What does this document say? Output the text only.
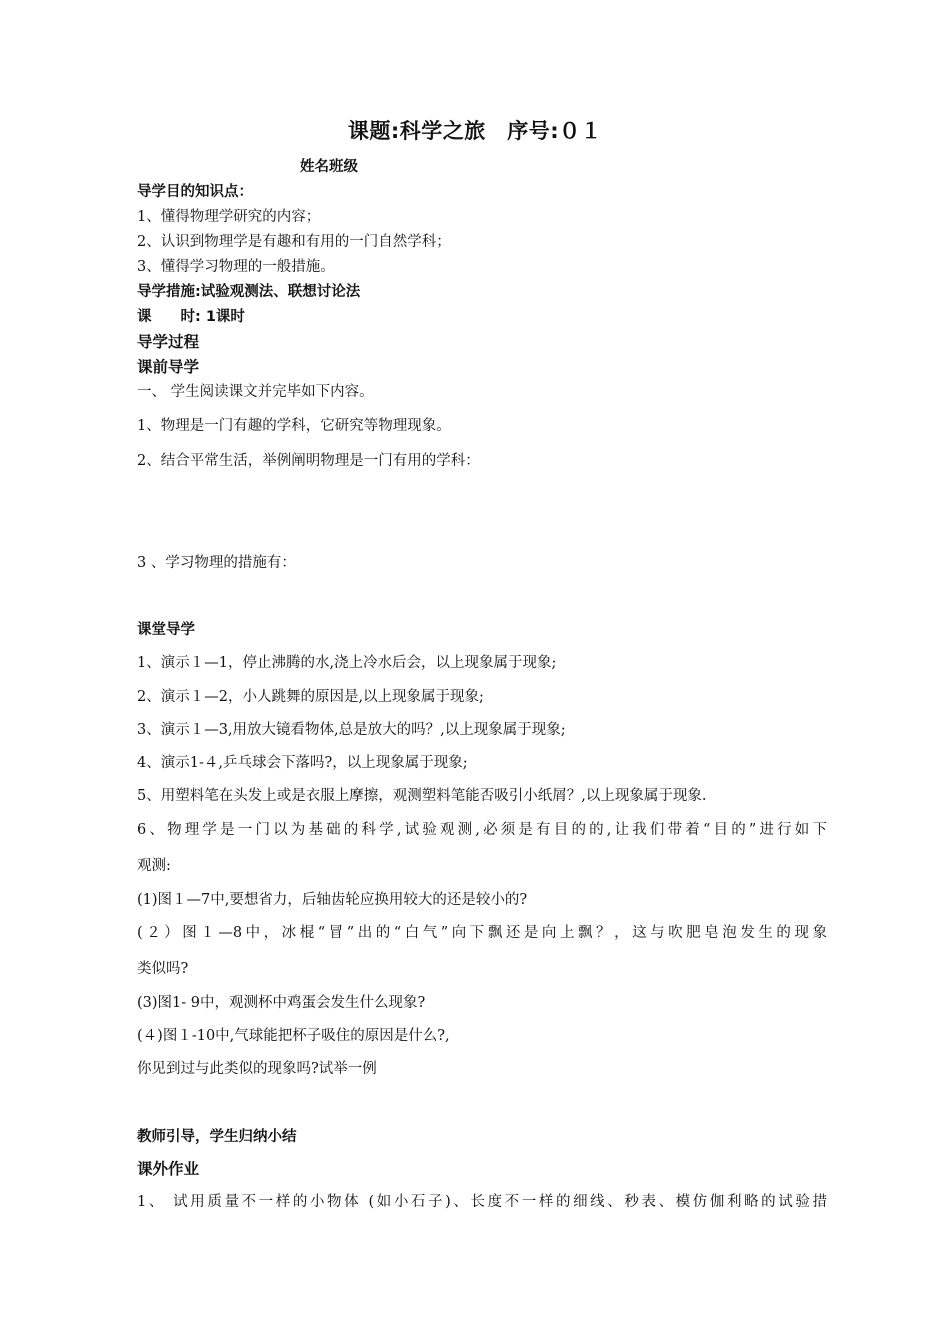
课题:科学之旅　序号:０１
姓名班级
导学目的知识点：
1、懂得物理学研究的内容；
2、认识到物理学是有趣和有用的一门自然学科；
3、懂得学习物理的一般措施。
导学措施:试验观测法、联想讨论法
课　　时: 1课时
导学过程
课前导学
一、 学生阅读课文并完毕如下内容。
1、物理是一门有趣的学科，它研究等物理现象。
2、结合平常生活，举例阐明物理是一门有用的学科：
3 、学习物理的措施有：
课堂导学
1、演示１—1，停止沸腾的水,浇上冷水后会，以上现象属于现象;
2、演示１—2，小人跳舞的原因是,以上现象属于现象;
3、演示１—3,用放大镜看物体,总是放大的吗？,以上现象属于现象;
4、演示1-４,乒乓球会下落吗?，以上现象属于现象;
5、用塑料笔在头发上或是衣服上摩擦，观测塑料笔能否吸引小纸屑？,以上现象属于现象.
6、物理学是一门以为基础的科学,试验观测,必须是有目的的,让我们带着“目的”进行如下
观测:
(1)图１—7中,要想省力，后轴齿轮应换用较大的还是较小的?
(２）图１—8中，冰棍“冒”出的“白气”向下飘还是向上飘？，这与吹肥皂泡发生的现象
类似吗?
(3)图1- 9中，观测杯中鸡蛋会发生什么现象?
(４)图１-10中,气球能把杯子吸住的原因是什么?,
你见到过与此类似的现象吗?试举一例
教师引导，学生归纳小结
课外作业
1、 试用质量不一样的小物体 (如小石子)、长度不一样的细线、秒表、模仿伽利略的试验措
